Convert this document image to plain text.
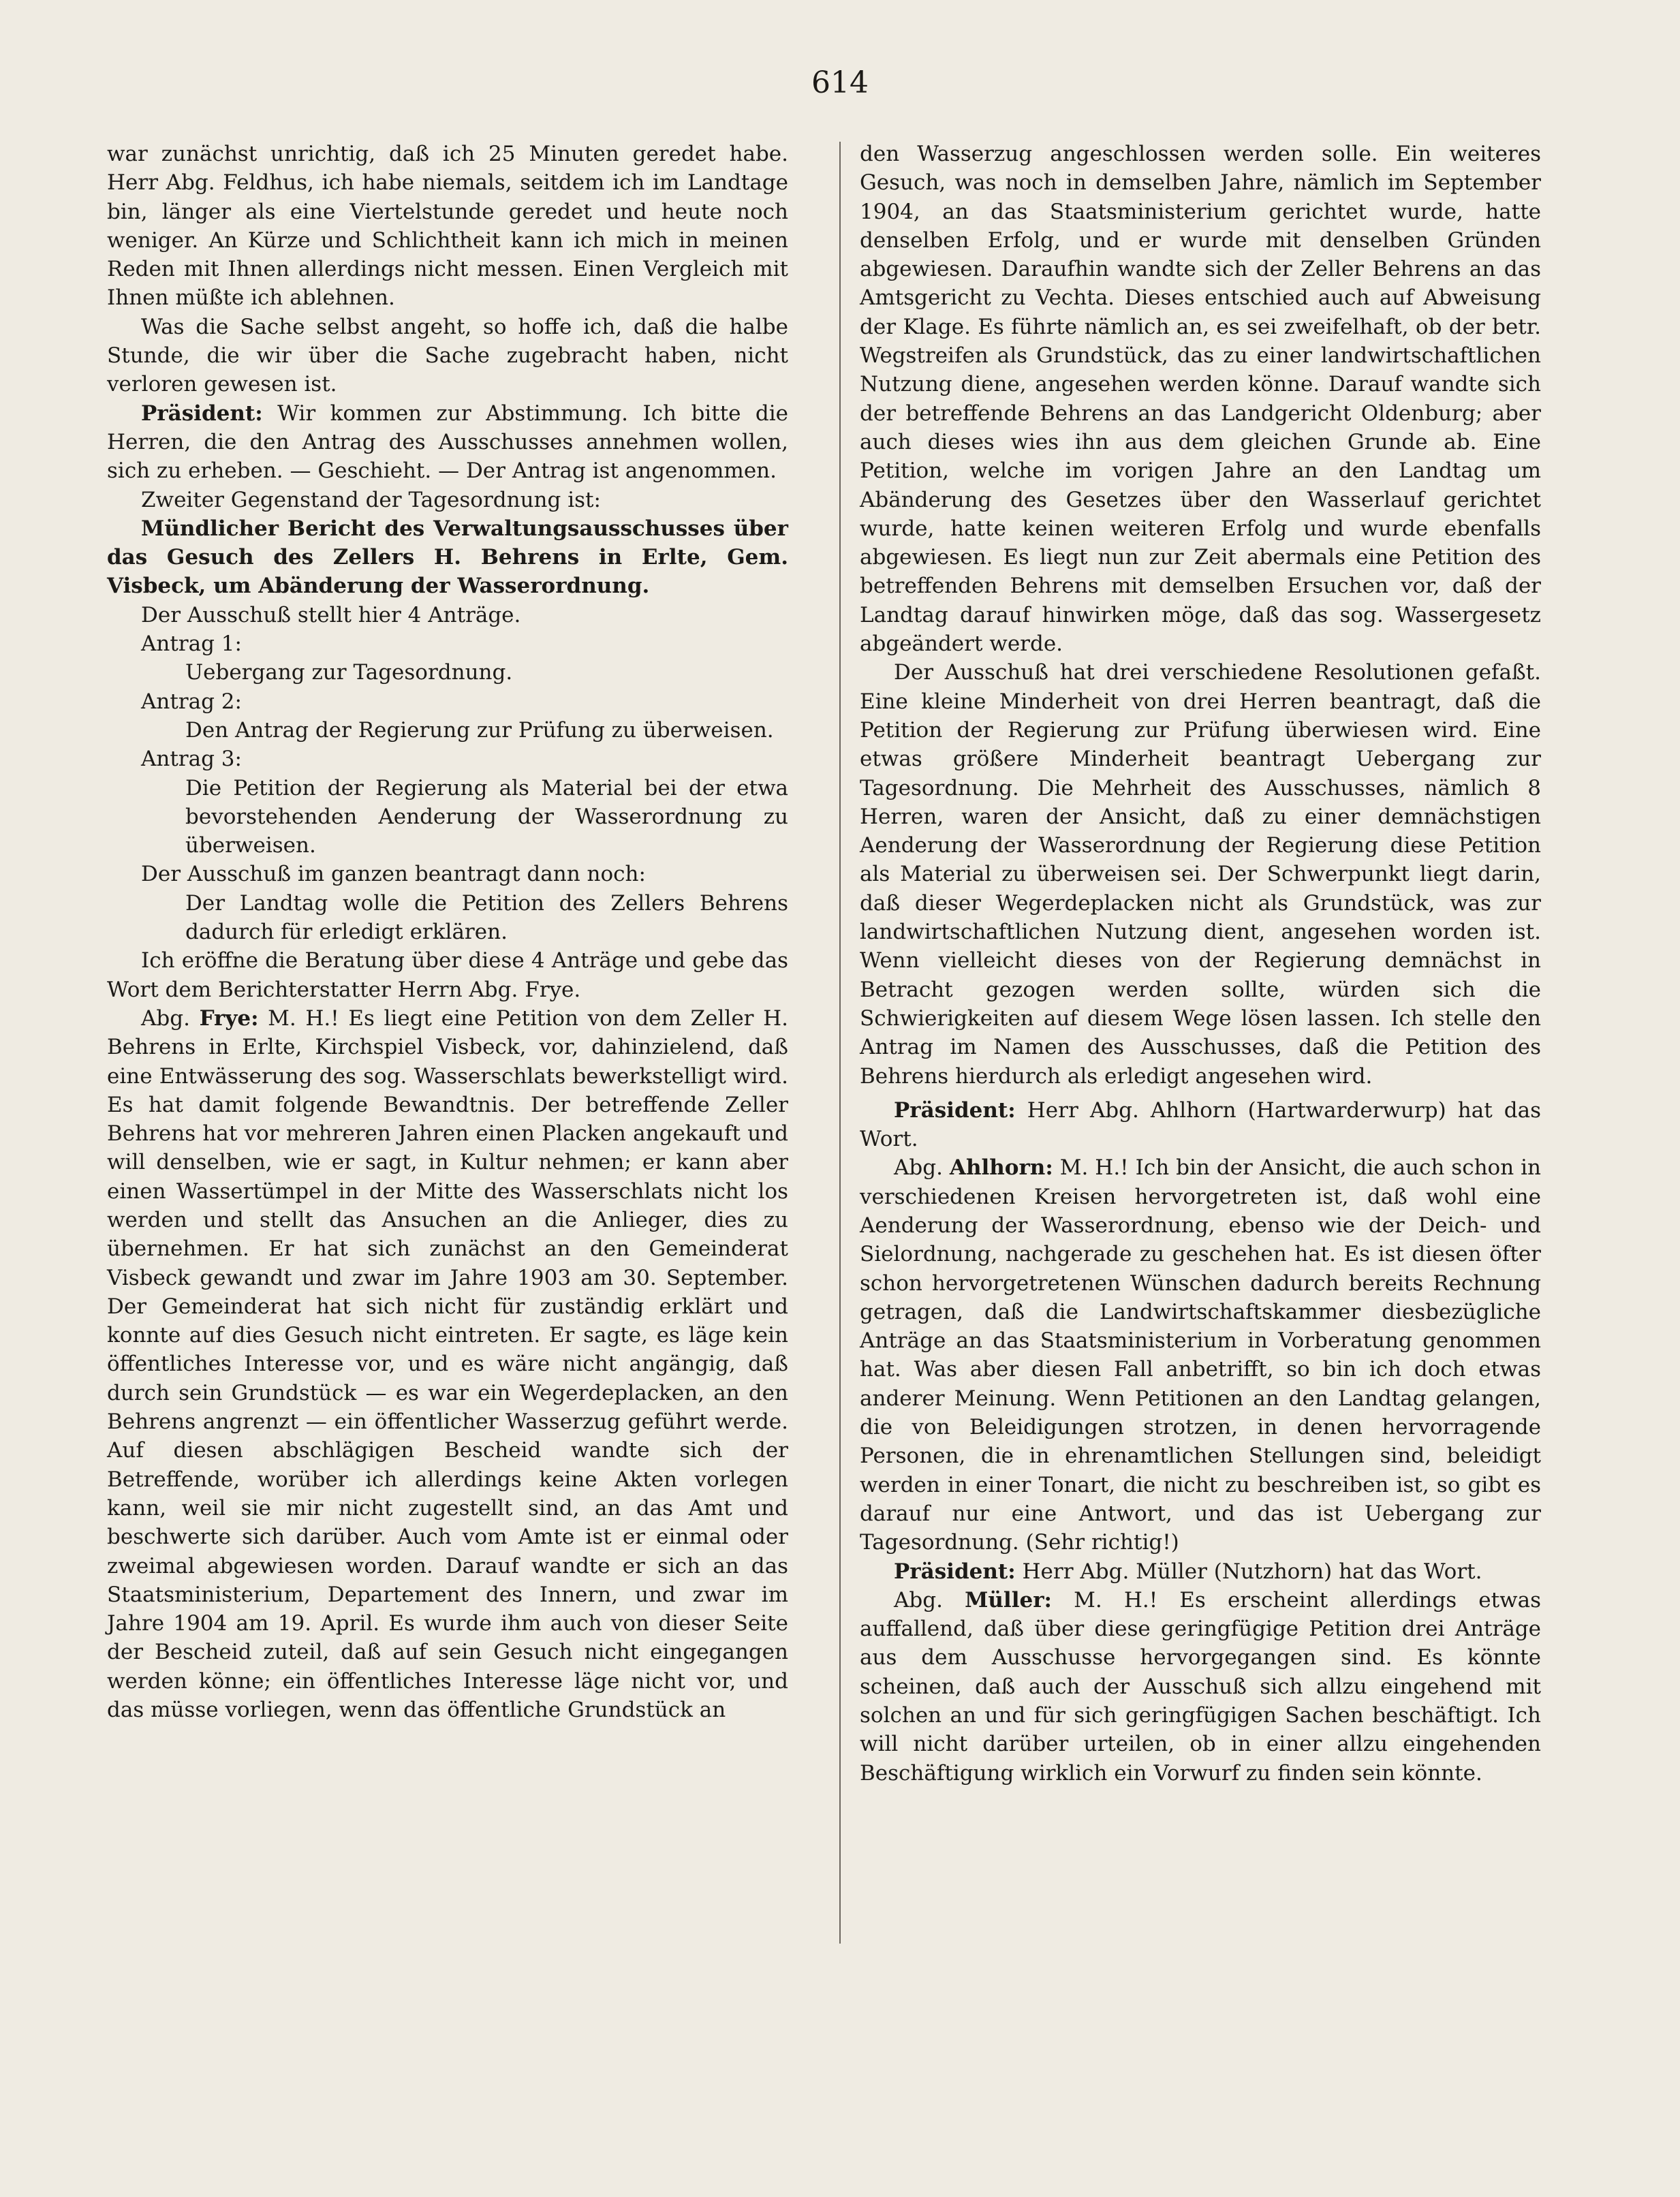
614

war zunächst unrichtig, daß ich 25 Minuten geredet habe. Herr Abg. Feldhus, ich habe niemals, seitdem ich im Landtage bin, länger als eine Viertelstunde geredet und heute noch weniger. An Kürze und Schlichtheit kann ich mich in meinen Reden mit Ihnen allerdings nicht messen. Einen Vergleich mit Ihnen müßte ich ablehnen.

Was die Sache selbst angeht, so hoffe ich, daß die halbe Stunde, die wir über die Sache zugebracht haben, nicht verloren gewesen ist.

Präsident: Wir kommen zur Abstimmung. Ich bitte die Herren, die den Antrag des Ausschusses annehmen wollen, sich zu erheben. — Geschieht. — Der Antrag ist angenommen.

Zweiter Gegenstand der Tagesordnung ist:

Mündlicher Bericht des Verwaltungsausschusses über das Gesuch des Zellers H. Behrens in Erlte, Gem. Visbeck, um Abänderung der Wasserordnung.

Der Ausschuß stellt hier 4 Anträge.

Antrag 1:

Uebergang zur Tagesordnung.

Antrag 2:

Den Antrag der Regierung zur Prüfung zu überweisen.

Antrag 3:

Die Petition der Regierung als Material bei der etwa bevorstehenden Aenderung der Wasserordnung zu überweisen.

Der Ausschuß im ganzen beantragt dann noch:

Der Landtag wolle die Petition des Zellers Behrens dadurch für erledigt erklären.

Ich eröffne die Beratung über diese 4 Anträge und gebe das Wort dem Berichterstatter Herrn Abg. Frye.

Abg. Frye: M. H.! Es liegt eine Petition von dem Zeller H. Behrens in Erlte, Kirchspiel Visbeck, vor, dahinzielend, daß eine Entwässerung des sog. Wasserschlats bewerkstelligt wird. Es hat damit folgende Bewandtnis. Der betreffende Zeller Behrens hat vor mehreren Jahren einen Placken angekauft und will denselben, wie er sagt, in Kultur nehmen; er kann aber einen Wassertümpel in der Mitte des Wasserschlats nicht los werden und stellt das Ansuchen an die Anlieger, dies zu übernehmen. Er hat sich zunächst an den Gemeinderat Visbeck gewandt und zwar im Jahre 1903 am 30. September. Der Gemeinderat hat sich nicht für zuständig erklärt und konnte auf dies Gesuch nicht eintreten. Er sagte, es läge kein öffentliches Interesse vor, und es wäre nicht angängig, daß durch sein Grundstück — es war ein Wegerdeplacken, an den Behrens angrenzt — ein öffentlicher Wasserzug geführt werde. Auf diesen abschlägigen Bescheid wandte sich der Betreffende, worüber ich allerdings keine Akten vorlegen kann, weil sie mir nicht zugestellt sind, an das Amt und beschwerte sich darüber. Auch vom Amte ist er einmal oder zweimal abgewiesen worden. Darauf wandte er sich an das Staatsministerium, Departement des Innern, und zwar im Jahre 1904 am 19. April. Es wurde ihm auch von dieser Seite der Bescheid zuteil, daß auf sein Gesuch nicht eingegangen werden könne; ein öffentliches Interesse läge nicht vor, und das müsse vorliegen, wenn das öffentliche Grundstück an

den Wasserzug angeschlossen werden solle. Ein weiteres Gesuch, was noch in demselben Jahre, nämlich im September 1904, an das Staatsministerium gerichtet wurde, hatte denselben Erfolg, und er wurde mit denselben Gründen abgewiesen. Daraufhin wandte sich der Zeller Behrens an das Amtsgericht zu Vechta. Dieses entschied auch auf Abweisung der Klage. Es führte nämlich an, es sei zweifelhaft, ob der betr. Wegstreifen als Grundstück, das zu einer landwirtschaftlichen Nutzung diene, angesehen werden könne. Darauf wandte sich der betreffende Behrens an das Landgericht Oldenburg; aber auch dieses wies ihn aus dem gleichen Grunde ab. Eine Petition, welche im vorigen Jahre an den Landtag um Abänderung des Gesetzes über den Wasserlauf gerichtet wurde, hatte keinen weiteren Erfolg und wurde ebenfalls abgewiesen. Es liegt nun zur Zeit abermals eine Petition des betreffenden Behrens mit demselben Ersuchen vor, daß der Landtag darauf hinwirken möge, daß das sog. Wassergesetz abgeändert werde.

Der Ausschuß hat drei verschiedene Resolutionen gefaßt. Eine kleine Minderheit von drei Herren beantragt, daß die Petition der Regierung zur Prüfung überwiesen wird. Eine etwas größere Minderheit beantragt Uebergang zur Tagesordnung. Die Mehrheit des Ausschusses, nämlich 8 Herren, waren der Ansicht, daß zu einer demnächstigen Aenderung der Wasserordnung der Regierung diese Petition als Material zu überweisen sei. Der Schwerpunkt liegt darin, daß dieser Wegerdeplacken nicht als Grundstück, was zur landwirtschaftlichen Nutzung dient, angesehen worden ist. Wenn vielleicht dieses von der Regierung demnächst in Betracht gezogen werden sollte, würden sich die Schwierigkeiten auf diesem Wege lösen lassen. Ich stelle den Antrag im Namen des Ausschusses, daß die Petition des Behrens hierdurch als erledigt angesehen wird.

Präsident: Herr Abg. Ahlhorn (Hartwarderwurp) hat das Wort.

Abg. Ahlhorn: M. H.! Ich bin der Ansicht, die auch schon in verschiedenen Kreisen hervorgetreten ist, daß wohl eine Aenderung der Wasserordnung, ebenso wie der Deich- und Sielordnung, nachgerade zu geschehen hat. Es ist diesen öfter schon hervorgetretenen Wünschen dadurch bereits Rechnung getragen, daß die Landwirtschaftskammer diesbezügliche Anträge an das Staatsministerium in Vorberatung genommen hat. Was aber diesen Fall anbetrifft, so bin ich doch etwas anderer Meinung. Wenn Petitionen an den Landtag gelangen, die von Beleidigungen strotzen, in denen hervorragende Personen, die in ehrenamtlichen Stellungen sind, beleidigt werden in einer Tonart, die nicht zu beschreiben ist, so gibt es darauf nur eine Antwort, und das ist Uebergang zur Tagesordnung. (Sehr richtig!)

Präsident: Herr Abg. Müller (Nutzhorn) hat das Wort.

Abg. Müller: M. H.! Es erscheint allerdings etwas auffallend, daß über diese geringfügige Petition drei Anträge aus dem Ausschusse hervorgegangen sind. Es könnte scheinen, daß auch der Ausschuß sich allzu eingehend mit solchen an und für sich geringfügigen Sachen beschäftigt. Ich will nicht darüber urteilen, ob in einer allzu eingehenden Beschäftigung wirklich ein Vorwurf zu finden sein könnte.
